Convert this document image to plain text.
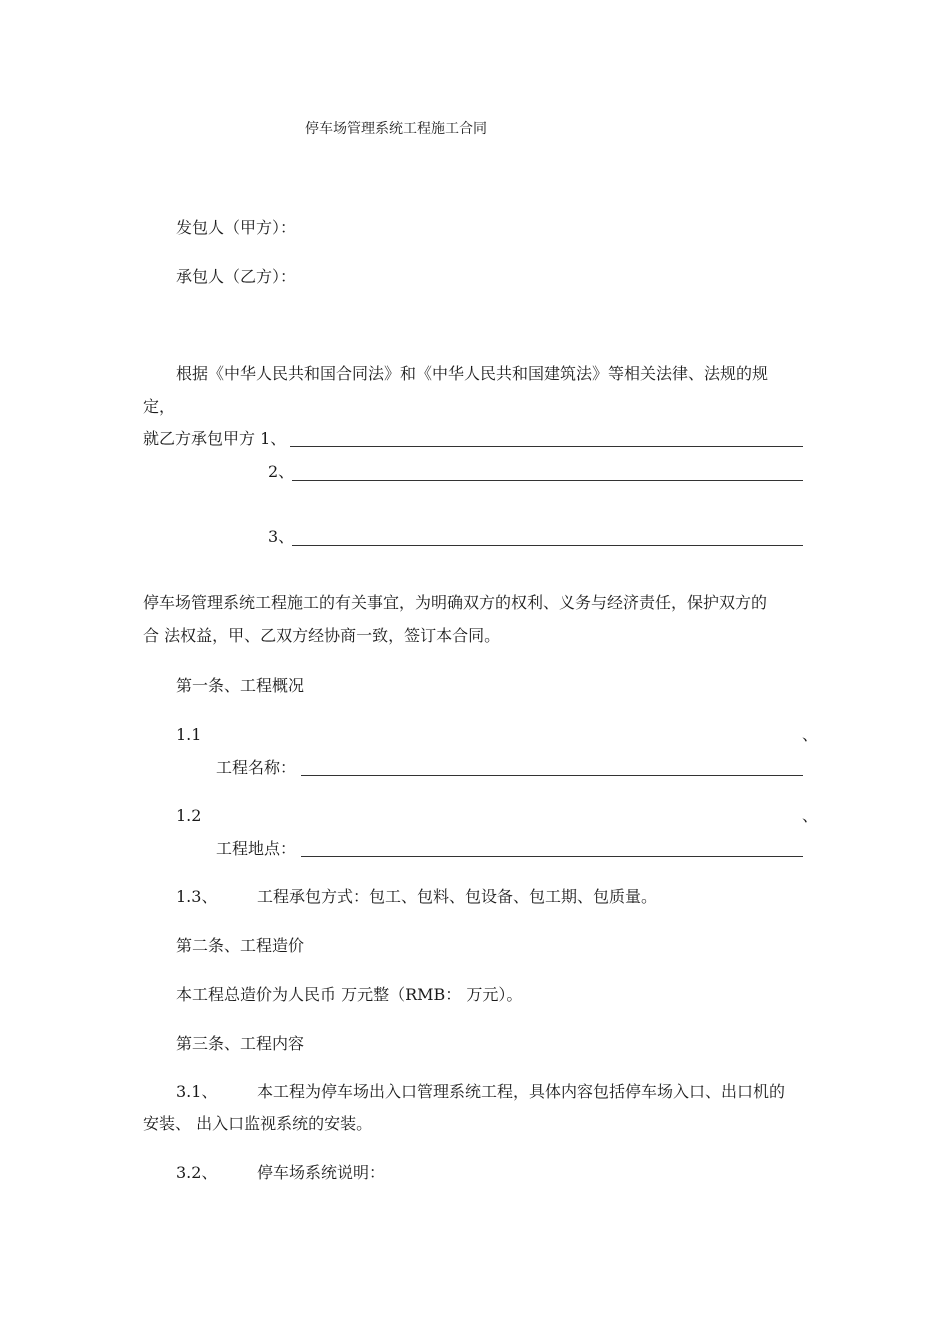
停车场管理系统工程施工合同
发包人（甲方）：
承包人（乙方）：
根据《中华人民共和国合同法》和《中华人民共和国建筑法》等相关法律、法规的规
定，
就乙方承包甲方 1、
2、
3、
停车场管理系统工程施工的有关事宜，为明确双方的权利、义务与经济责任，保护双方的
合 法权益，甲、乙双方经协商一致，签订本合同。
第一条、工程概况
1.1	、
工程名称：
1.2	、
工程地点：
1.3、 工程承包方式：包工、包料、包设备、包工期、包质量。
第二条、工程造价
本工程总造价为人民币 万元整（RMB： 万元）。
第三条、工程内容
3.1、 本工程为停车场出入口管理系统工程，具体内容包括停车场入口、出口机的
安装、 出入口监视系统的安装。
3.2、 停车场系统说明：
